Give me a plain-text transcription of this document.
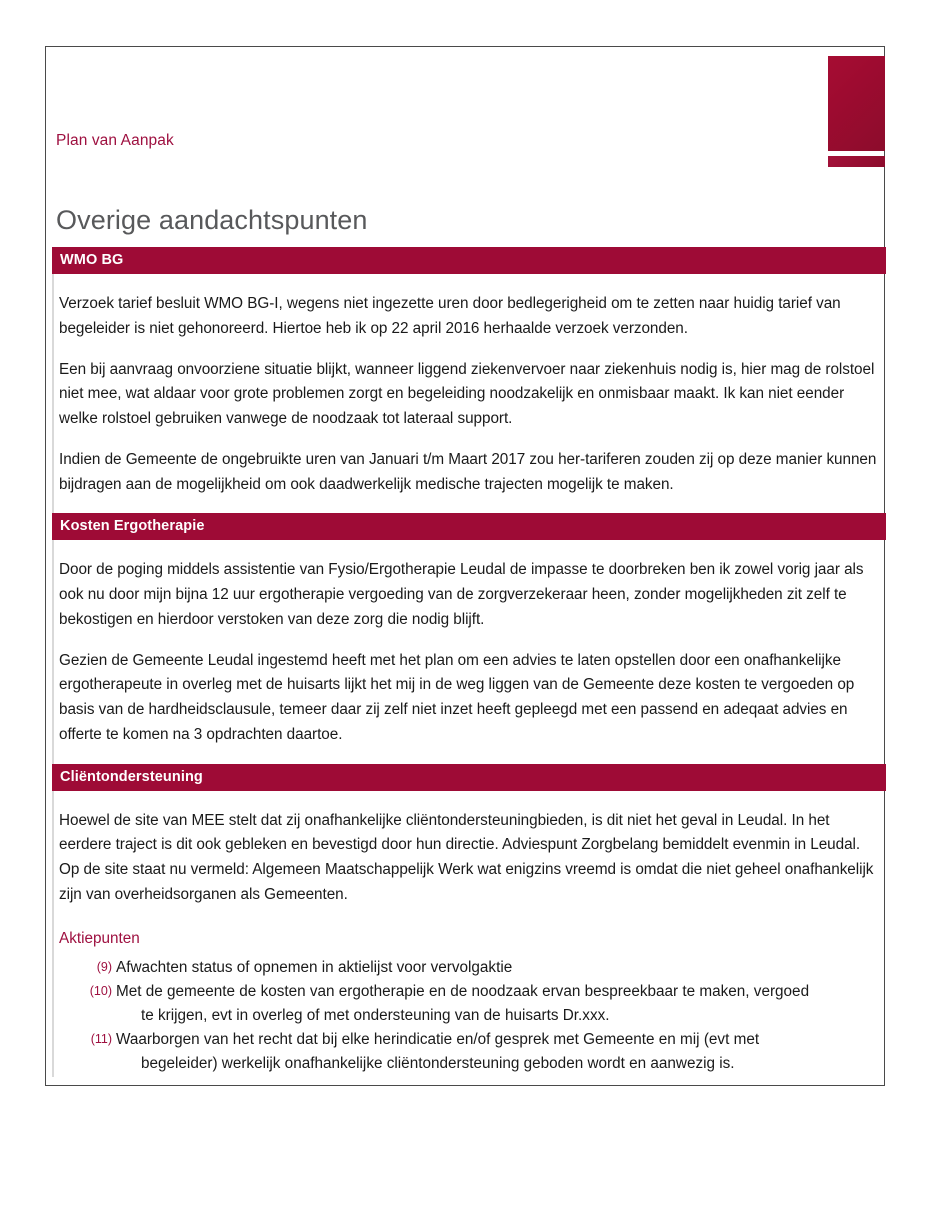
Plan van Aanpak
Overige aandachtspunten
WMO BG

Verzoek tarief besluit WMO BG-I, wegens niet ingezette uren door bedlegerigheid om te zetten naar huidig tarief van begeleider is niet gehonoreerd. Hiertoe heb ik op 22 april 2016 herhaalde verzoek verzonden.

Een bij aanvraag onvoorziene situatie blijkt, wanneer liggend ziekenvervoer naar ziekenhuis nodig is, hier mag de rolstoel niet mee, wat aldaar voor grote problemen zorgt en begeleiding noodzakelijk en onmisbaar maakt. Ik kan niet eender welke rolstoel gebruiken vanwege de noodzaak tot lateraal support.

Indien de Gemeente de ongebruikte uren van Januari t/m Maart 2017 zou her-tariferen zouden zij op deze manier kunnen bijdragen aan de mogelijkheid om ook daadwerkelijk medische trajecten mogelijk te maken.

Kosten Ergotherapie

Door de poging middels assistentie van Fysio/Ergotherapie Leudal de impasse te doorbreken ben ik zowel vorig jaar als ook nu door mijn bijna 12 uur ergotherapie vergoeding van de zorgverzekeraar heen, zonder mogelijkheden zit zelf te bekostigen en hierdoor verstoken van deze zorg die nodig blijft.

Gezien de Gemeente Leudal ingestemd heeft met het plan om een advies te laten opstellen door een onafhankelijke ergotherapeute in overleg met de huisarts lijkt het mij in de weg liggen van de Gemeente deze kosten te vergoeden op basis van de hardheidsclausule, temeer daar zij zelf niet inzet heeft gepleegd met een passend en adeqaat advies en offerte te komen na 3 opdrachten daartoe.

Cliëntondersteuning

Hoewel de site van MEE stelt dat zij onafhankelijke cliëntondersteuningbieden, is dit niet het geval in Leudal. In het eerdere traject is dit ook gebleken en bevestigd door hun directie. Adviespunt Zorgbelang bemiddelt evenmin in Leudal. Op de site staat nu vermeld: Algemeen Maatschappelijk Werk wat enigzins vreemd is omdat die niet geheel onafhankelijk zijn van overheidsorganen als Gemeenten.

Aktiepunten
(9) Afwachten status of opnemen in aktielijst voor vervolgaktie
(10) Met de gemeente de kosten van ergotherapie en de noodzaak ervan bespreekbaar te maken, vergoed
te krijgen, evt in overleg of met ondersteuning van de huisarts Dr.xxx.
(11) Waarborgen van het recht dat bij elke herindicatie en/of gesprek met Gemeente en mij (evt met
begeleider) werkelijk onafhankelijke cliëntondersteuning geboden wordt en aanwezig is.
